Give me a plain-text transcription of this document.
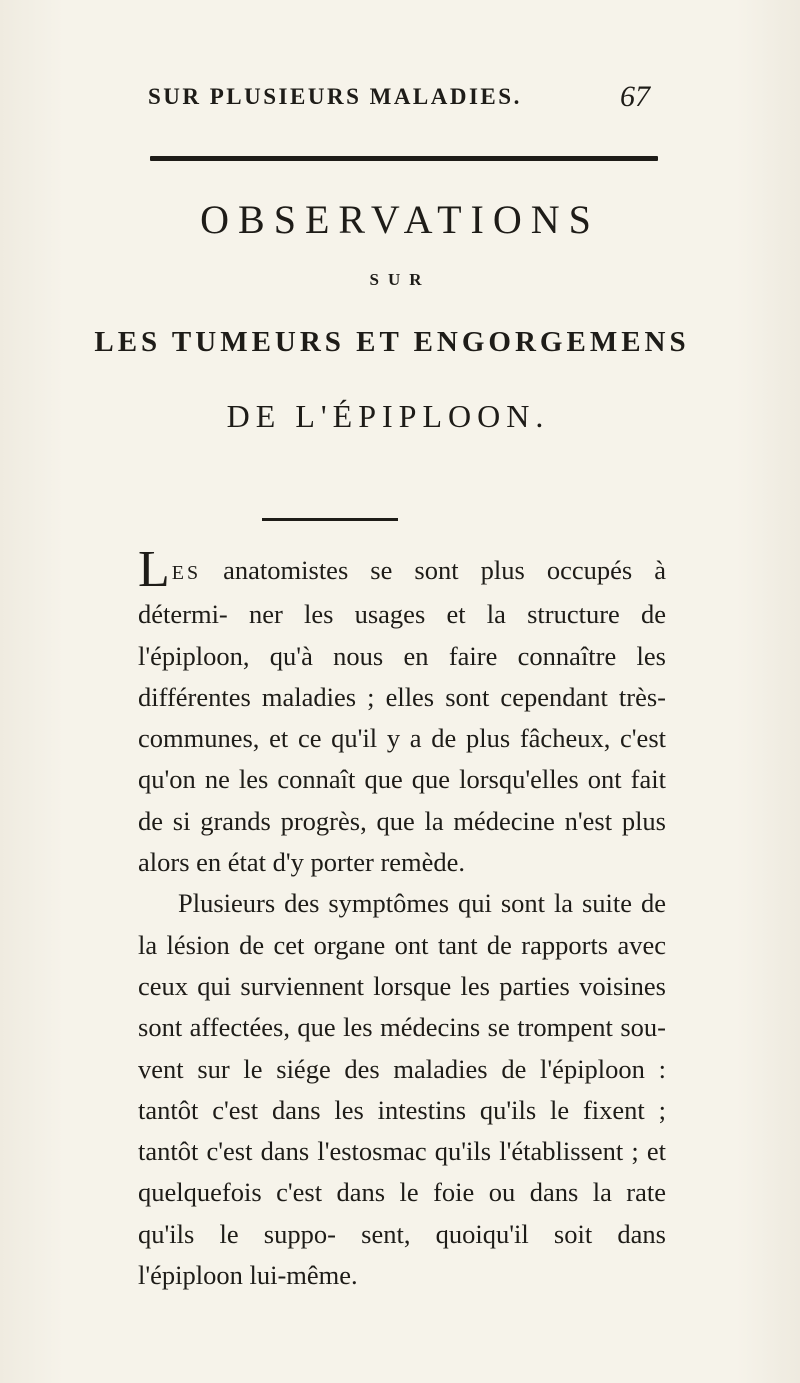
SUR PLUSIEURS MALADIES.	67
OBSERVATIONS
SUR
LES TUMEURS ET ENGORGEMENS
DE L'ÉPIPLOON.

LES anatomistes se sont plus occupés à détermi- ner les usages et la structure de l'épiploon, qu'à nous en faire connaître les différentes maladies ; elles sont cependant très-communes, et ce qu'il y a de plus fâcheux, c'est qu'on ne les connaît que que lorsqu'elles ont fait de si grands progrès, que la médecine n'est plus alors en état d'y porter remède.

Plusieurs des symptômes qui sont la suite de la lésion de cet organe ont tant de rapports avec ceux qui surviennent lorsque les parties voisines sont affectées, que les médecins se trompent sou- vent sur le siége des maladies de l'épiploon : tantôt c'est dans les intestins qu'ils le fixent ; tantôt c'est dans l'estosmac qu'ils l'établissent ; et quelquefois c'est dans le foie ou dans la rate qu'ils le suppo- sent, quoiqu'il soit dans l'épiploon lui-même.
